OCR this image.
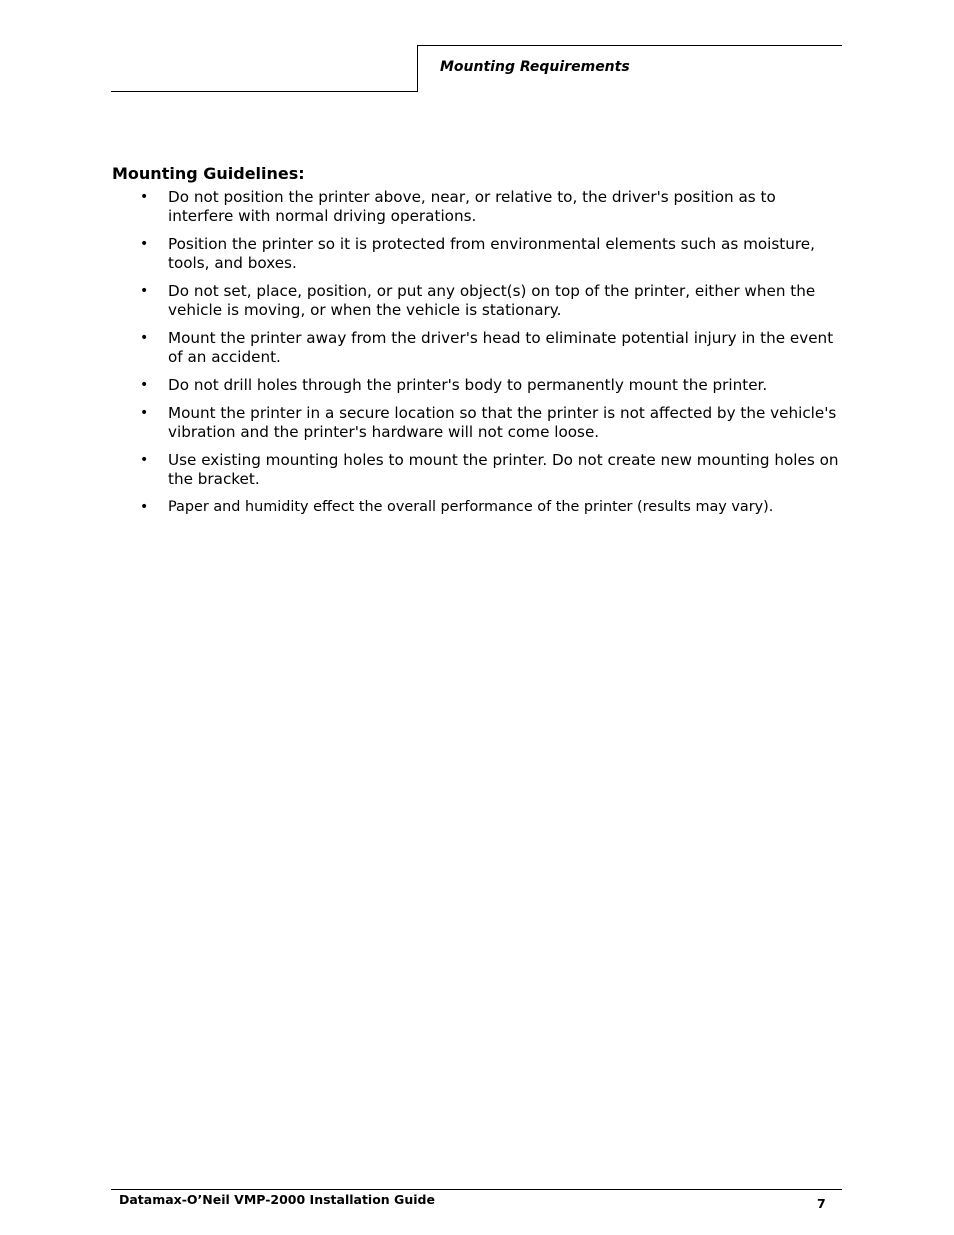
Mounting Requirements
Mounting Guidelines:
• Do not position the printer above, near, or relative to, the driver's position as to interfere with normal driving operations.
• Position the printer so it is protected from environmental elements such as moisture, tools, and boxes.
• Do not set, place, position, or put any object(s) on top of the printer, either when the vehicle is moving, or when the vehicle is stationary.
• Mount the printer away from the driver's head to eliminate potential injury in the event of an accident.
• Do not drill holes through the printer's body to permanently mount the printer.
• Mount the printer in a secure location so that the printer is not affected by the vehicle's vibration and the printer's hardware will not come loose.
• Use existing mounting holes to mount the printer. Do not create new mounting holes on the bracket.
• Paper and humidity effect the overall performance of the printer (results may vary).
Datamax-O’Neil VMP-2000 Installation Guide	7
